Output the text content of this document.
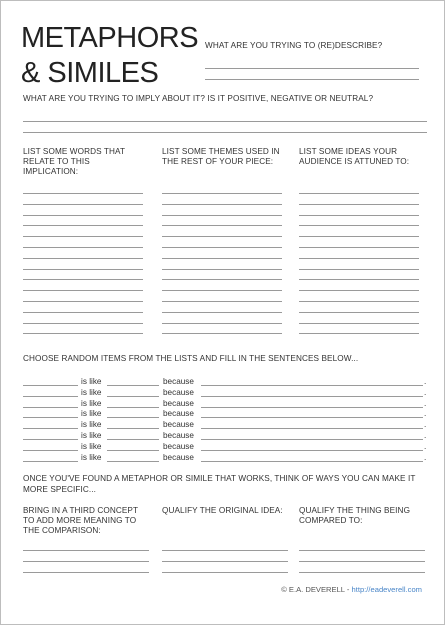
METAPHORS
& SIMILES
WHAT ARE YOU TRYING TO (RE)DESCRIBE?
WHAT ARE YOU TRYING TO IMPLY ABOUT IT? IS IT POSITIVE, NEGATIVE OR NEUTRAL?
LIST SOME WORDS THAT RELATE TO THIS IMPLICATION:
LIST SOME THEMES USED IN THE REST OF YOUR PIECE:
LIST SOME IDEAS YOUR AUDIENCE IS ATTUNED TO:
CHOOSE RANDOM ITEMS FROM THE LISTS AND FILL IN THE SENTENCES BELOW...
is like	because	.
is like	because	.
is like	because	.
is like	because	.
is like	because	.
is like	because	.
is like	because	.
is like	because	.
ONCE YOU'VE FOUND A METAPHOR OR SIMILE THAT WORKS, THINK OF WAYS YOU CAN MAKE IT MORE SPECIFIC...
BRING IN A THIRD CONCEPT TO ADD MORE MEANING TO THE COMPARISON:
QUALIFY THE ORIGINAL IDEA:	QUALIFY THE THING BEING COMPARED TO:
© E.A. DEVERELL - http://eadeverell.com
